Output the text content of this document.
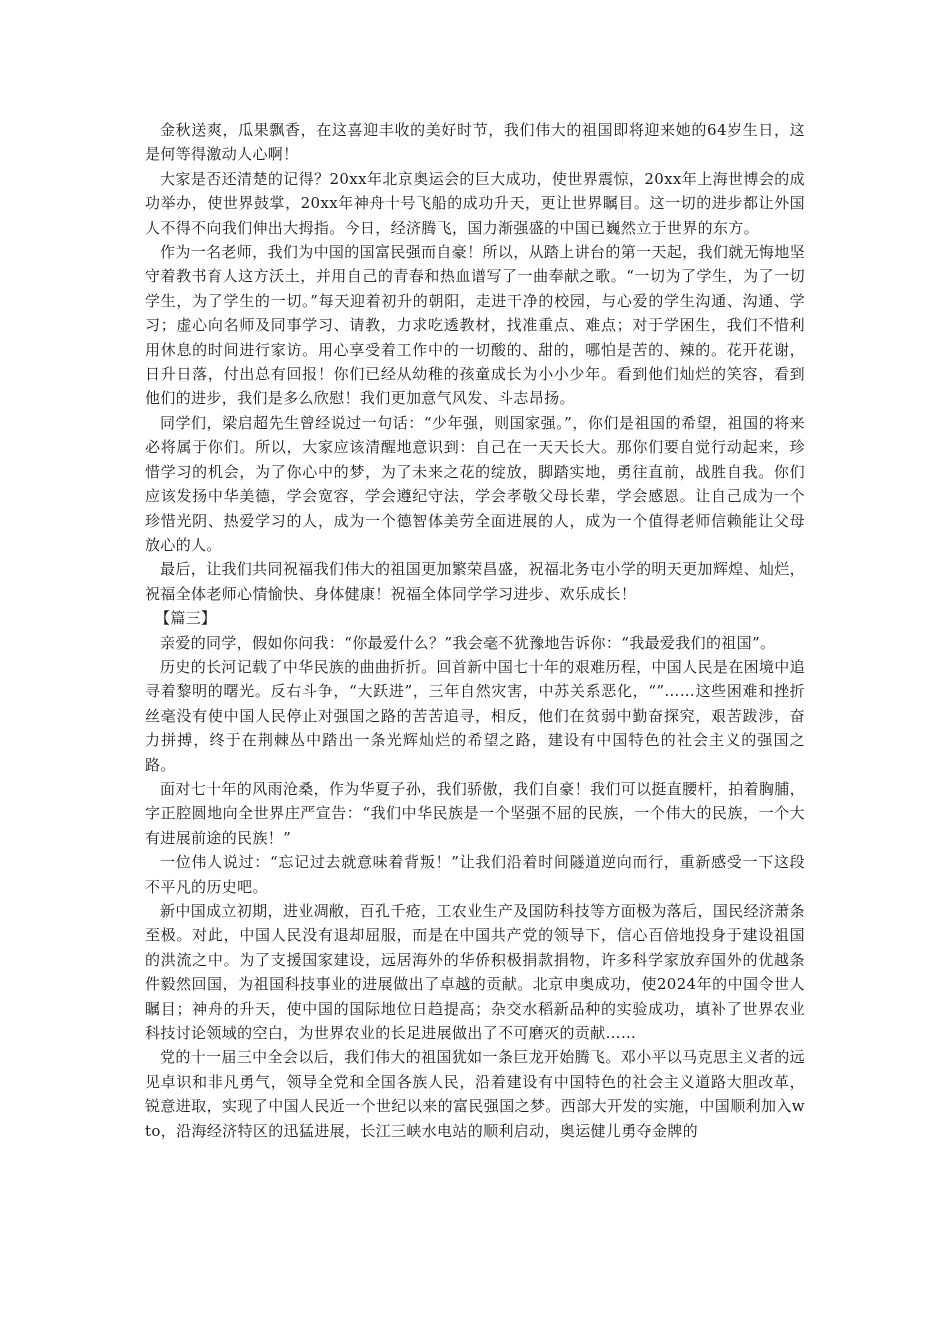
金秋送爽，瓜果飘香，在这喜迎丰收的美好时节，我们伟大的祖国即将迎来她的64岁生日，这是何等得激动人心啊！

大家是否还清楚的记得？20xx年北京奥运会的巨大成功，使世界震惊，20xx年上海世博会的成功举办，使世界鼓掌，20xx年神舟十号飞船的成功升天，更让世界瞩目。这一切的进步都让外国人不得不向我们伸出大拇指。今日，经济腾飞，国力渐强盛的中国已巍然立于世界的东方。

作为一名老师，我们为中国的国富民强而自豪！所以，从踏上讲台的第一天起，我们就无悔地坚守着教书育人这方沃土，并用自己的青春和热血谱写了一曲奉献之歌。“一切为了学生，为了一切学生，为了学生的一切。”每天迎着初升的朝阳，走进干净的校园，与心爱的学生沟通、沟通、学习；虚心向名师及同事学习、请教，力求吃透教材，找准重点、难点；对于学困生，我们不惜利用休息的时间进行家访。用心享受着工作中的一切酸的、甜的，哪怕是苦的、辣的。花开花谢，日升日落，付出总有回报！你们已经从幼稚的孩童成长为小小少年。看到他们灿烂的笑容，看到他们的进步，我们是多么欣慰！我们更加意气风发、斗志昂扬。

同学们，梁启超先生曾经说过一句话：“少年强，则国家强。”，你们是祖国的希望，祖国的将来必将属于你们。所以，大家应该清醒地意识到：自己在一天天长大。那你们要自觉行动起来，珍惜学习的机会，为了你心中的梦，为了未来之花的绽放，脚踏实地，勇往直前，战胜自我。你们应该发扬中华美德，学会宽容，学会遵纪守法，学会孝敬父母长辈，学会感恩。让自己成为一个珍惜光阴、热爱学习的人，成为一个德智体美劳全面进展的人，成为一个值得老师信赖能让父母放心的人。

最后，让我们共同祝福我们伟大的祖国更加繁荣昌盛，祝福北务屯小学的明天更加辉煌、灿烂，祝福全体老师心情愉快、身体健康！祝福全体同学学习进步、欢乐成长！

【篇三】

亲爱的同学，假如你问我：“你最爱什么？”我会毫不犹豫地告诉你：“我最爱我们的祖国”。

历史的长河记载了中华民族的曲曲折折。回首新中国七十年的艰难历程，中国人民是在困境中追寻着黎明的曙光。反右斗争，“大跃进”，三年自然灾害，中苏关系恶化，“”……这些困难和挫折丝毫没有使中国人民停止对强国之路的苦苦追寻，相反，他们在贫弱中勤奋探究，艰苦跋涉，奋力拼搏，终于在荆棘丛中踏出一条光辉灿烂的希望之路，建设有中国特色的社会主义的强国之路。

面对七十年的风雨沧桑，作为华夏子孙，我们骄傲，我们自豪！我们可以挺直腰杆，拍着胸脯，字正腔圆地向全世界庄严宣告：“我们中华民族是一个坚强不屈的民族，一个伟大的民族，一个大有进展前途的民族！”

一位伟人说过：“忘记过去就意味着背叛！”让我们沿着时间隧道逆向而行，重新感受一下这段不平凡的历史吧。

新中国成立初期，进业凋敝，百孔千疮，工农业生产及国防科技等方面极为落后，国民经济萧条至极。对此，中国人民没有退却屈服，而是在中国共产党的领导下，信心百倍地投身于建设祖国的洪流之中。为了支援国家建设，远居海外的华侨积极捐款捐物，许多科学家放弃国外的优越条件毅然回国，为祖国科技事业的进展做出了卓越的贡献。北京申奥成功，使2024年的中国令世人瞩目；神舟的升天，使中国的国际地位日趋提高；杂交水稻新品种的实验成功，填补了世界农业科技讨论领域的空白，为世界农业的长足进展做出了不可磨灭的贡献……

党的十一届三中全会以后，我们伟大的祖国犹如一条巨龙开始腾飞。邓小平以马克思主义者的远见卓识和非凡勇气，领导全党和全国各族人民，沿着建设有中国特色的社会主义道路大胆改革，锐意进取，实现了中国人民近一个世纪以来的富民强国之梦。西部大开发的实施，中国顺利加入wto，沿海经济特区的迅猛进展，长江三峡水电站的顺利启动，奥运健儿勇夺金牌的
